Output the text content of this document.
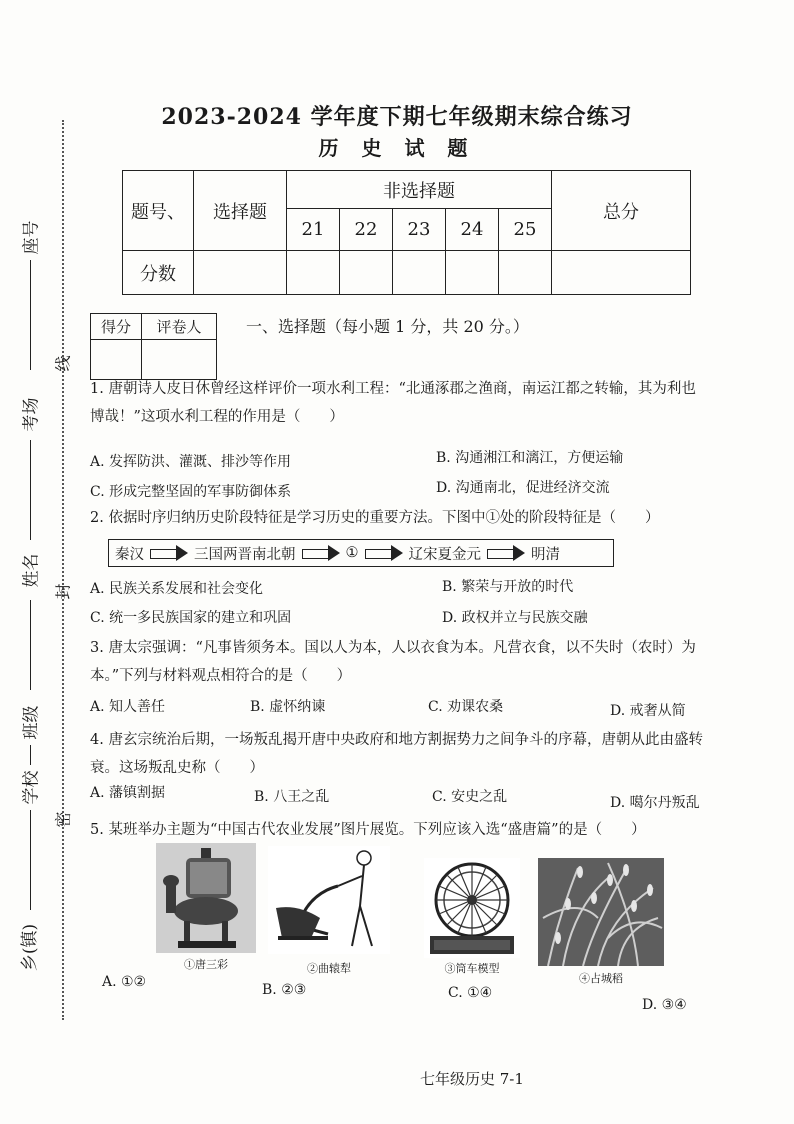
座号
考场
姓名
班级
学校
乡(镇)
线
封
密
2023-2024 学年度下期七年级期末综合练习
历 史 试 题
题号、	选择题	非选择题					总分
		21	22	23	24	25	
分数							
得分	评卷人
		一、选择题（每小题 1 分，共 20 分。）
1. 唐朝诗人皮日休曾经这样评价一项水利工程：“北通涿郡之渔商，南运江都之转输，其为利也
博哉！”这项水利工程的作用是（　　）
A. 发挥防洪、灌溉、排沙等作用	B. 沟通湘江和漓江，方便运输
C. 形成完整坚固的军事防御体系	D. 沟通南北，促进经济交流
2. 依据时序归纳历史阶段特征是学习历史的重要方法。下图中①处的阶段特征是（　　）
秦汉	三国两晋南北朝	①	辽宋夏金元	明清
A. 民族关系发展和社会变化	B. 繁荣与开放的时代
C. 统一多民族国家的建立和巩固	D. 政权并立与民族交融
3. 唐太宗强调：“凡事皆须务本。国以人为本，人以衣食为本。凡营衣食，以不失时（农时）为
本。”下列与材料观点相符合的是（　　）
A. 知人善任	B. 虚怀纳谏	C. 劝课农桑	D. 戒奢从简
4. 唐玄宗统治后期，一场叛乱揭开唐中央政府和地方割据势力之间争斗的序幕，唐朝从此由盛转
衰。这场叛乱史称（　　）
A. 藩镇割据	B. 八王之乱	C. 安史之乱	D. 噶尔丹叛乱
5. 某班举办主题为“中国古代农业发展”图片展览。下列应该入选“盛唐篇”的是（　　）
①唐三彩	②曲辕犁	③筒车模型
④占城稻
A. ①②	B. ②③	C. ①④
D. ③④
七年级历史 7-1
